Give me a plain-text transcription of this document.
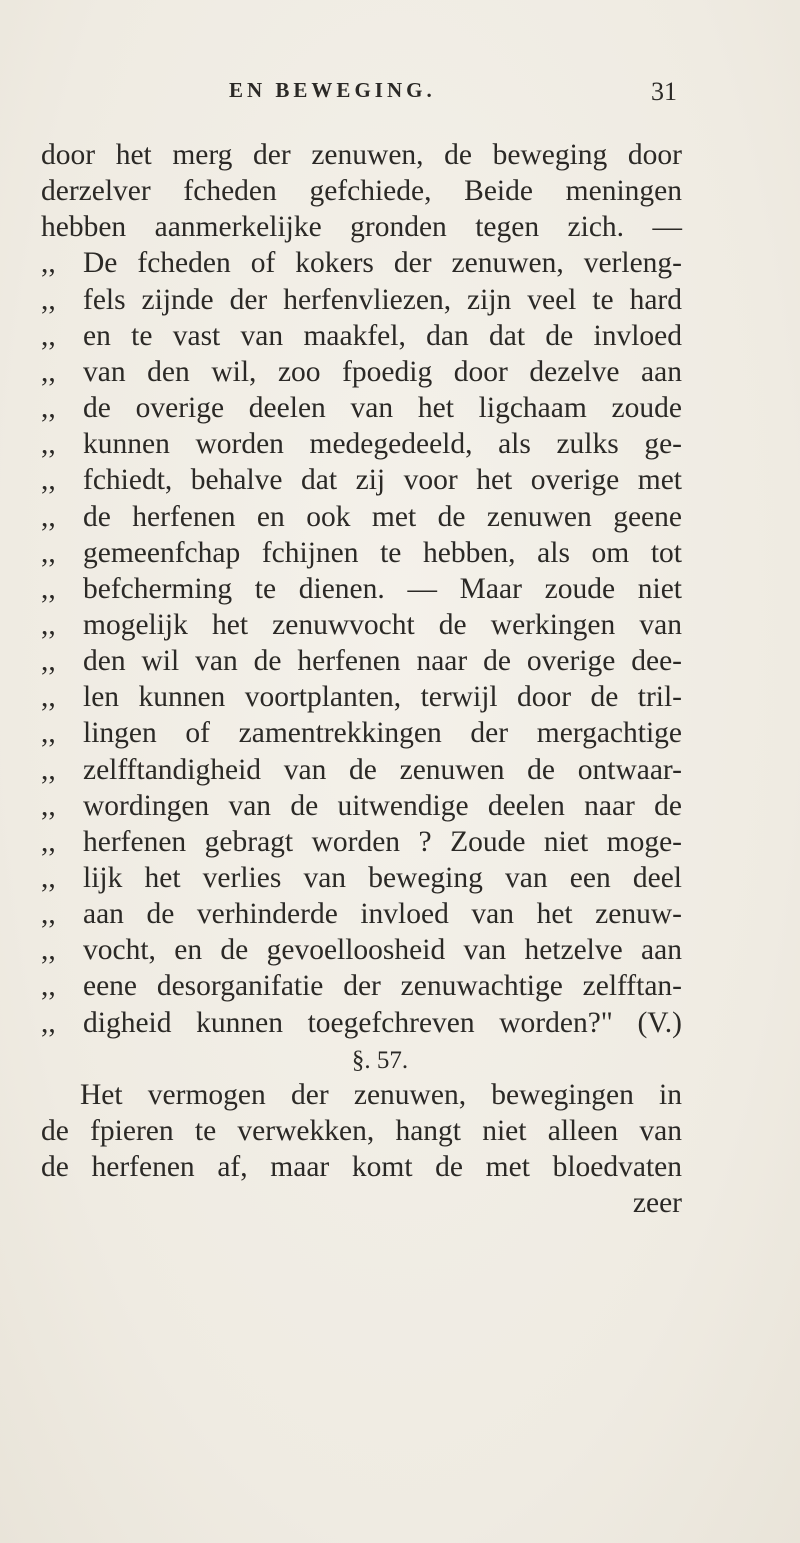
EN BEWEGING.	31
door het merg der zenuwen, de beweging door
derzelver fcheden gefchiede, Beide meningen
hebben aanmerkelijke gronden tegen zich. —
,, De fcheden of kokers der zenuwen, verleng-
,, fels zijnde der herfenvliezen, zijn veel te hard
,, en te vast van maakfel, dan dat de invloed
,, van den wil, zoo fpoedig door dezelve aan
,, de overige deelen van het ligchaam zoude
,, kunnen worden medegedeeld, als zulks ge-
,, fchiedt, behalve dat zij voor het overige met
,, de herfenen en ook met de zenuwen geene
,, gemeenfchap fchijnen te hebben, als om tot
,, befcherming te dienen. — Maar zoude niet
,, mogelijk het zenuwvocht de werkingen van
,, den wil van de herfenen naar de overige dee-
,, len kunnen voortplanten, terwijl door de tril-
,, lingen of zamentrekkingen der mergachtige
,, zelfftandigheid van de zenuwen de ontwaar-
,, wordingen van de uitwendige deelen naar de
,, herfenen gebragt worden ? Zoude niet moge-
,, lijk het verlies van beweging van een deel
,, aan de verhinderde invloed van het zenuw-
,, vocht, en de gevoelloosheid van hetzelve aan
,, eene desorganifatie der zenuwachtige zelfftan-
,, digheid kunnen toegefchreven worden?" (V.)
§. 57.
Het vermogen der zenuwen, bewegingen in
de fpieren te verwekken, hangt niet alleen van
de herfenen af, maar komt de met bloedvaten
zeer
